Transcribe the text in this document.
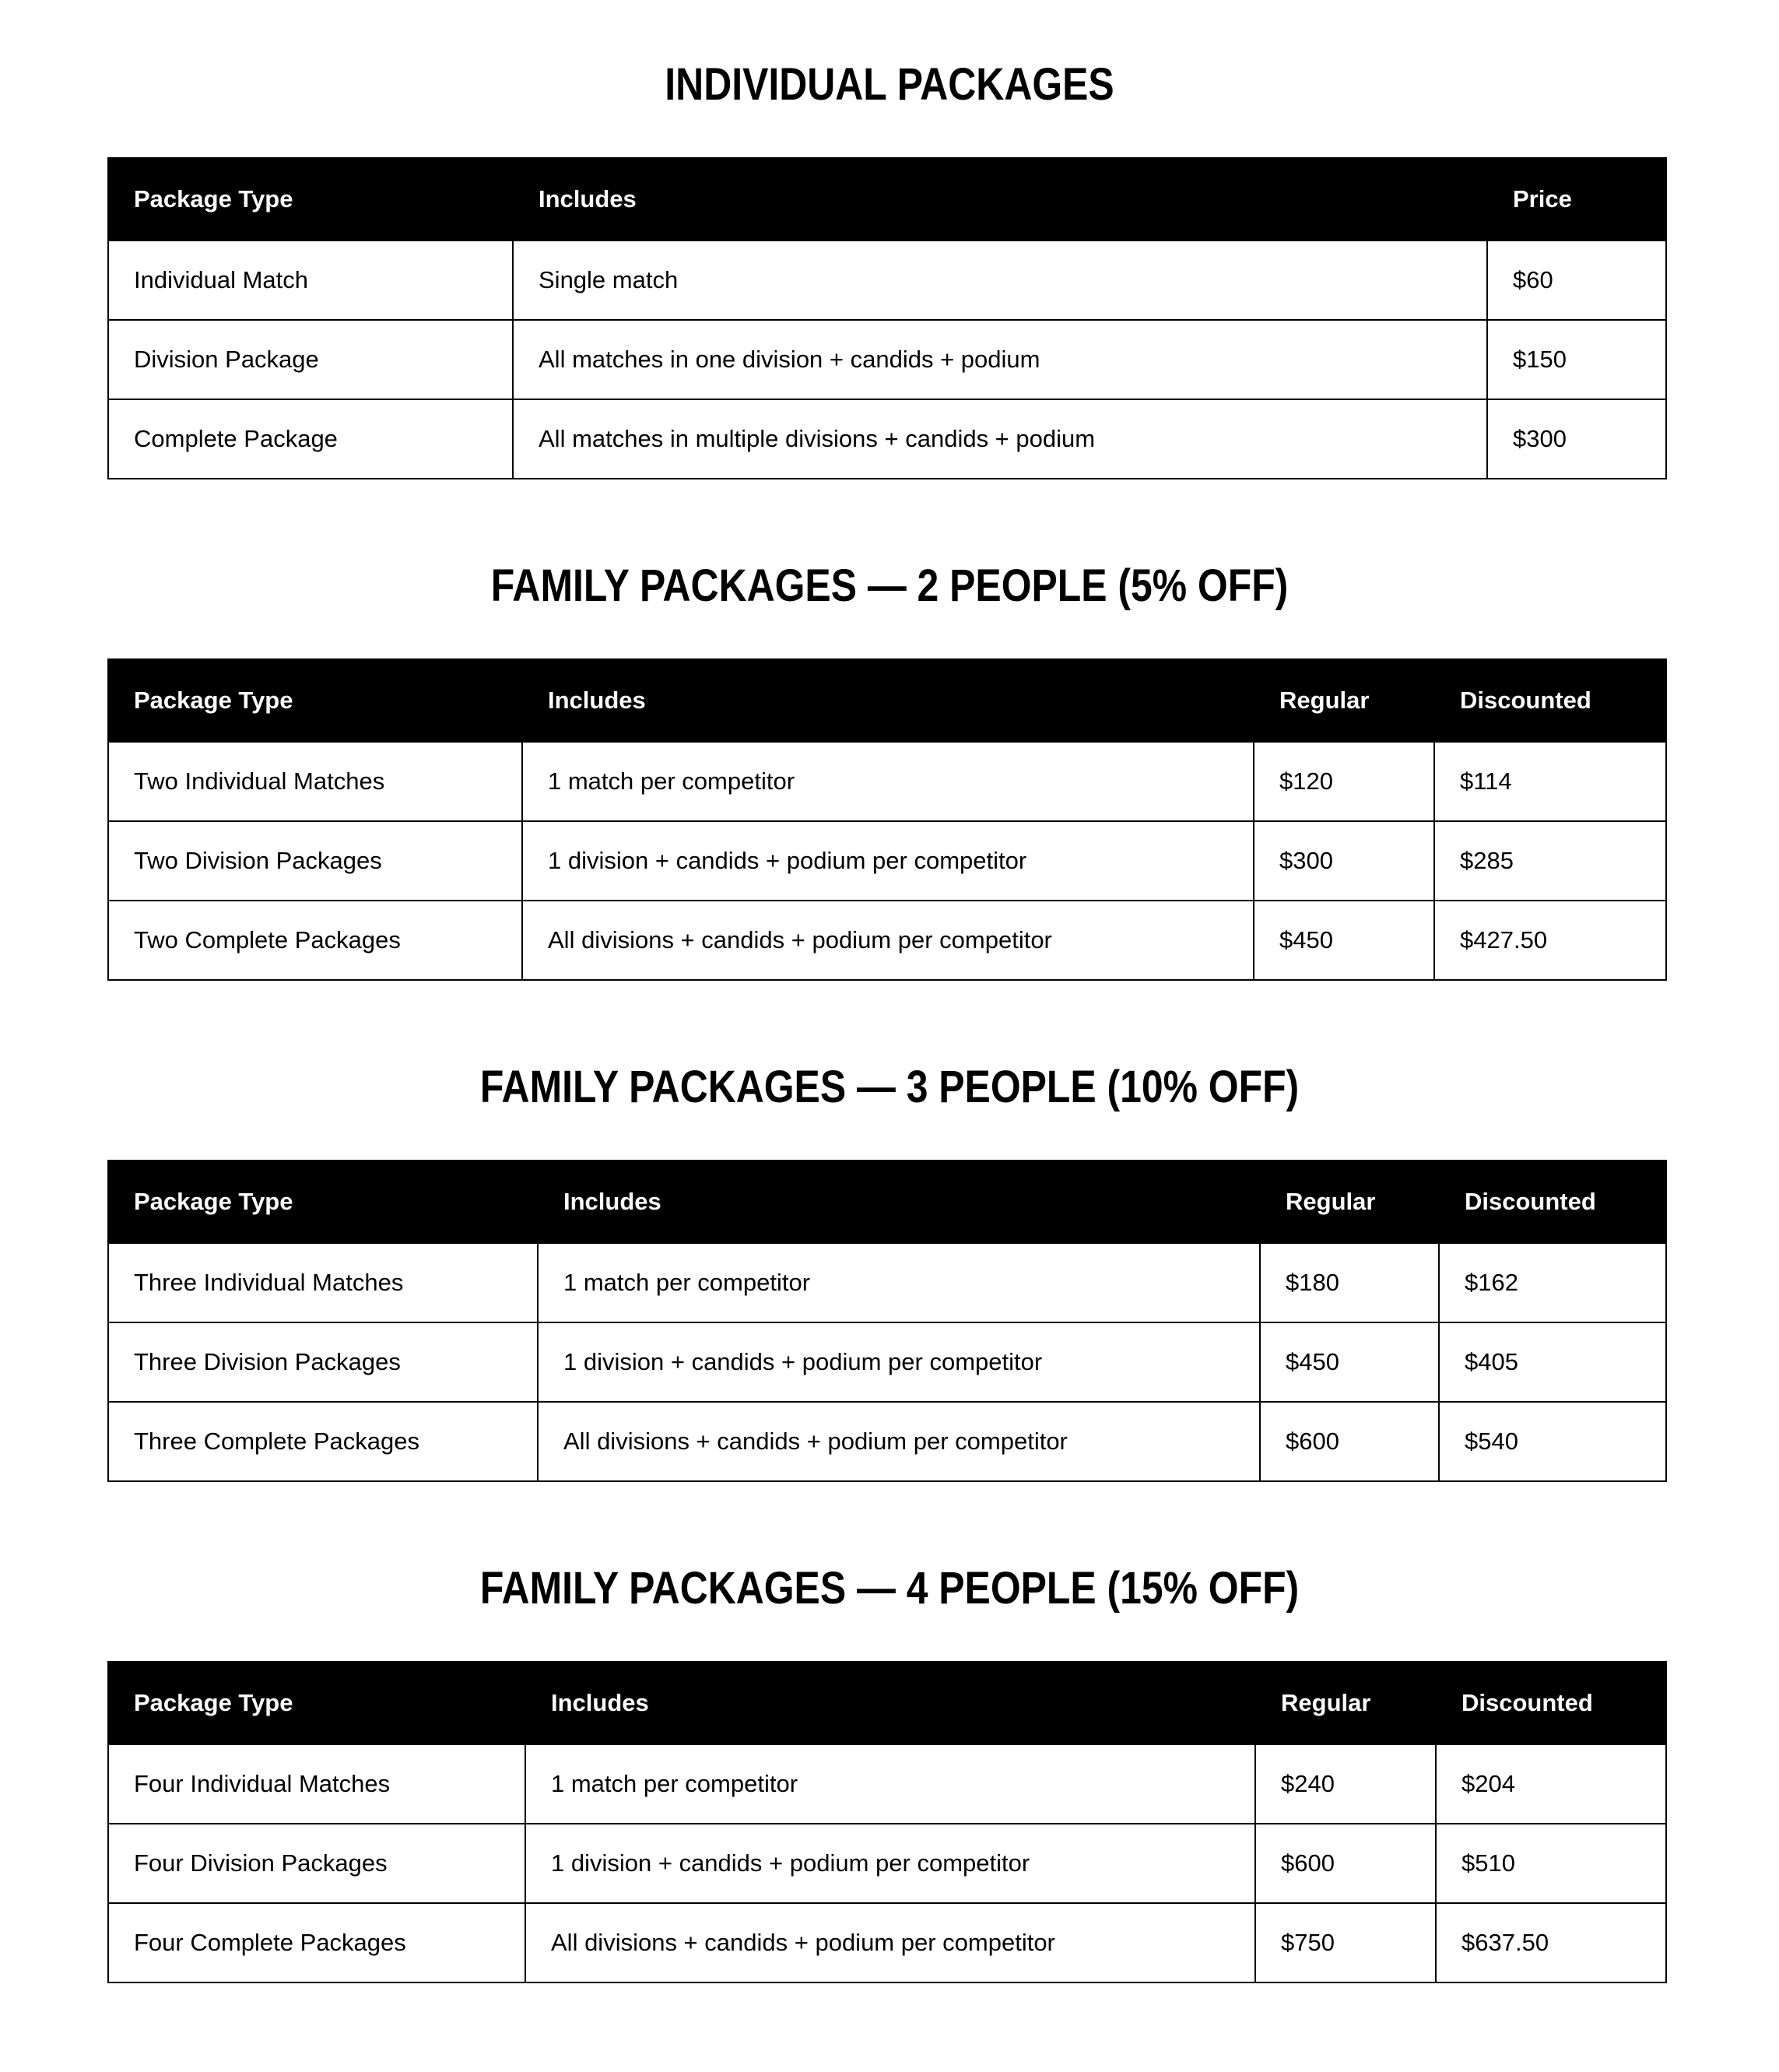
INDIVIDUAL PACKAGES
Package Type	Includes	Price
Individual Match	Single match	$60
Division Package	All matches in one division + candids + podium	$150
Complete Package	All matches in multiple divisions + candids + podium	$300
FAMILY PACKAGES — 2 PEOPLE (5% OFF)
Package Type	Includes	Regular	Discounted
Two Individual Matches	1 match per competitor	$120	$114
Two Division Packages	1 division + candids + podium per competitor	$300	$285
Two Complete Packages	All divisions + candids + podium per competitor	$450	$427.50
FAMILY PACKAGES — 3 PEOPLE (10% OFF)
Package Type	Includes	Regular	Discounted
Three Individual Matches	1 match per competitor	$180	$162
Three Division Packages	1 division + candids + podium per competitor	$450	$405
Three Complete Packages	All divisions + candids + podium per competitor	$600	$540
FAMILY PACKAGES — 4 PEOPLE (15% OFF)
Package Type	Includes	Regular	Discounted
Four Individual Matches	1 match per competitor	$240	$204
Four Division Packages	1 division + candids + podium per competitor	$600	$510
Four Complete Packages	All divisions + candids + podium per competitor	$750	$637.50
